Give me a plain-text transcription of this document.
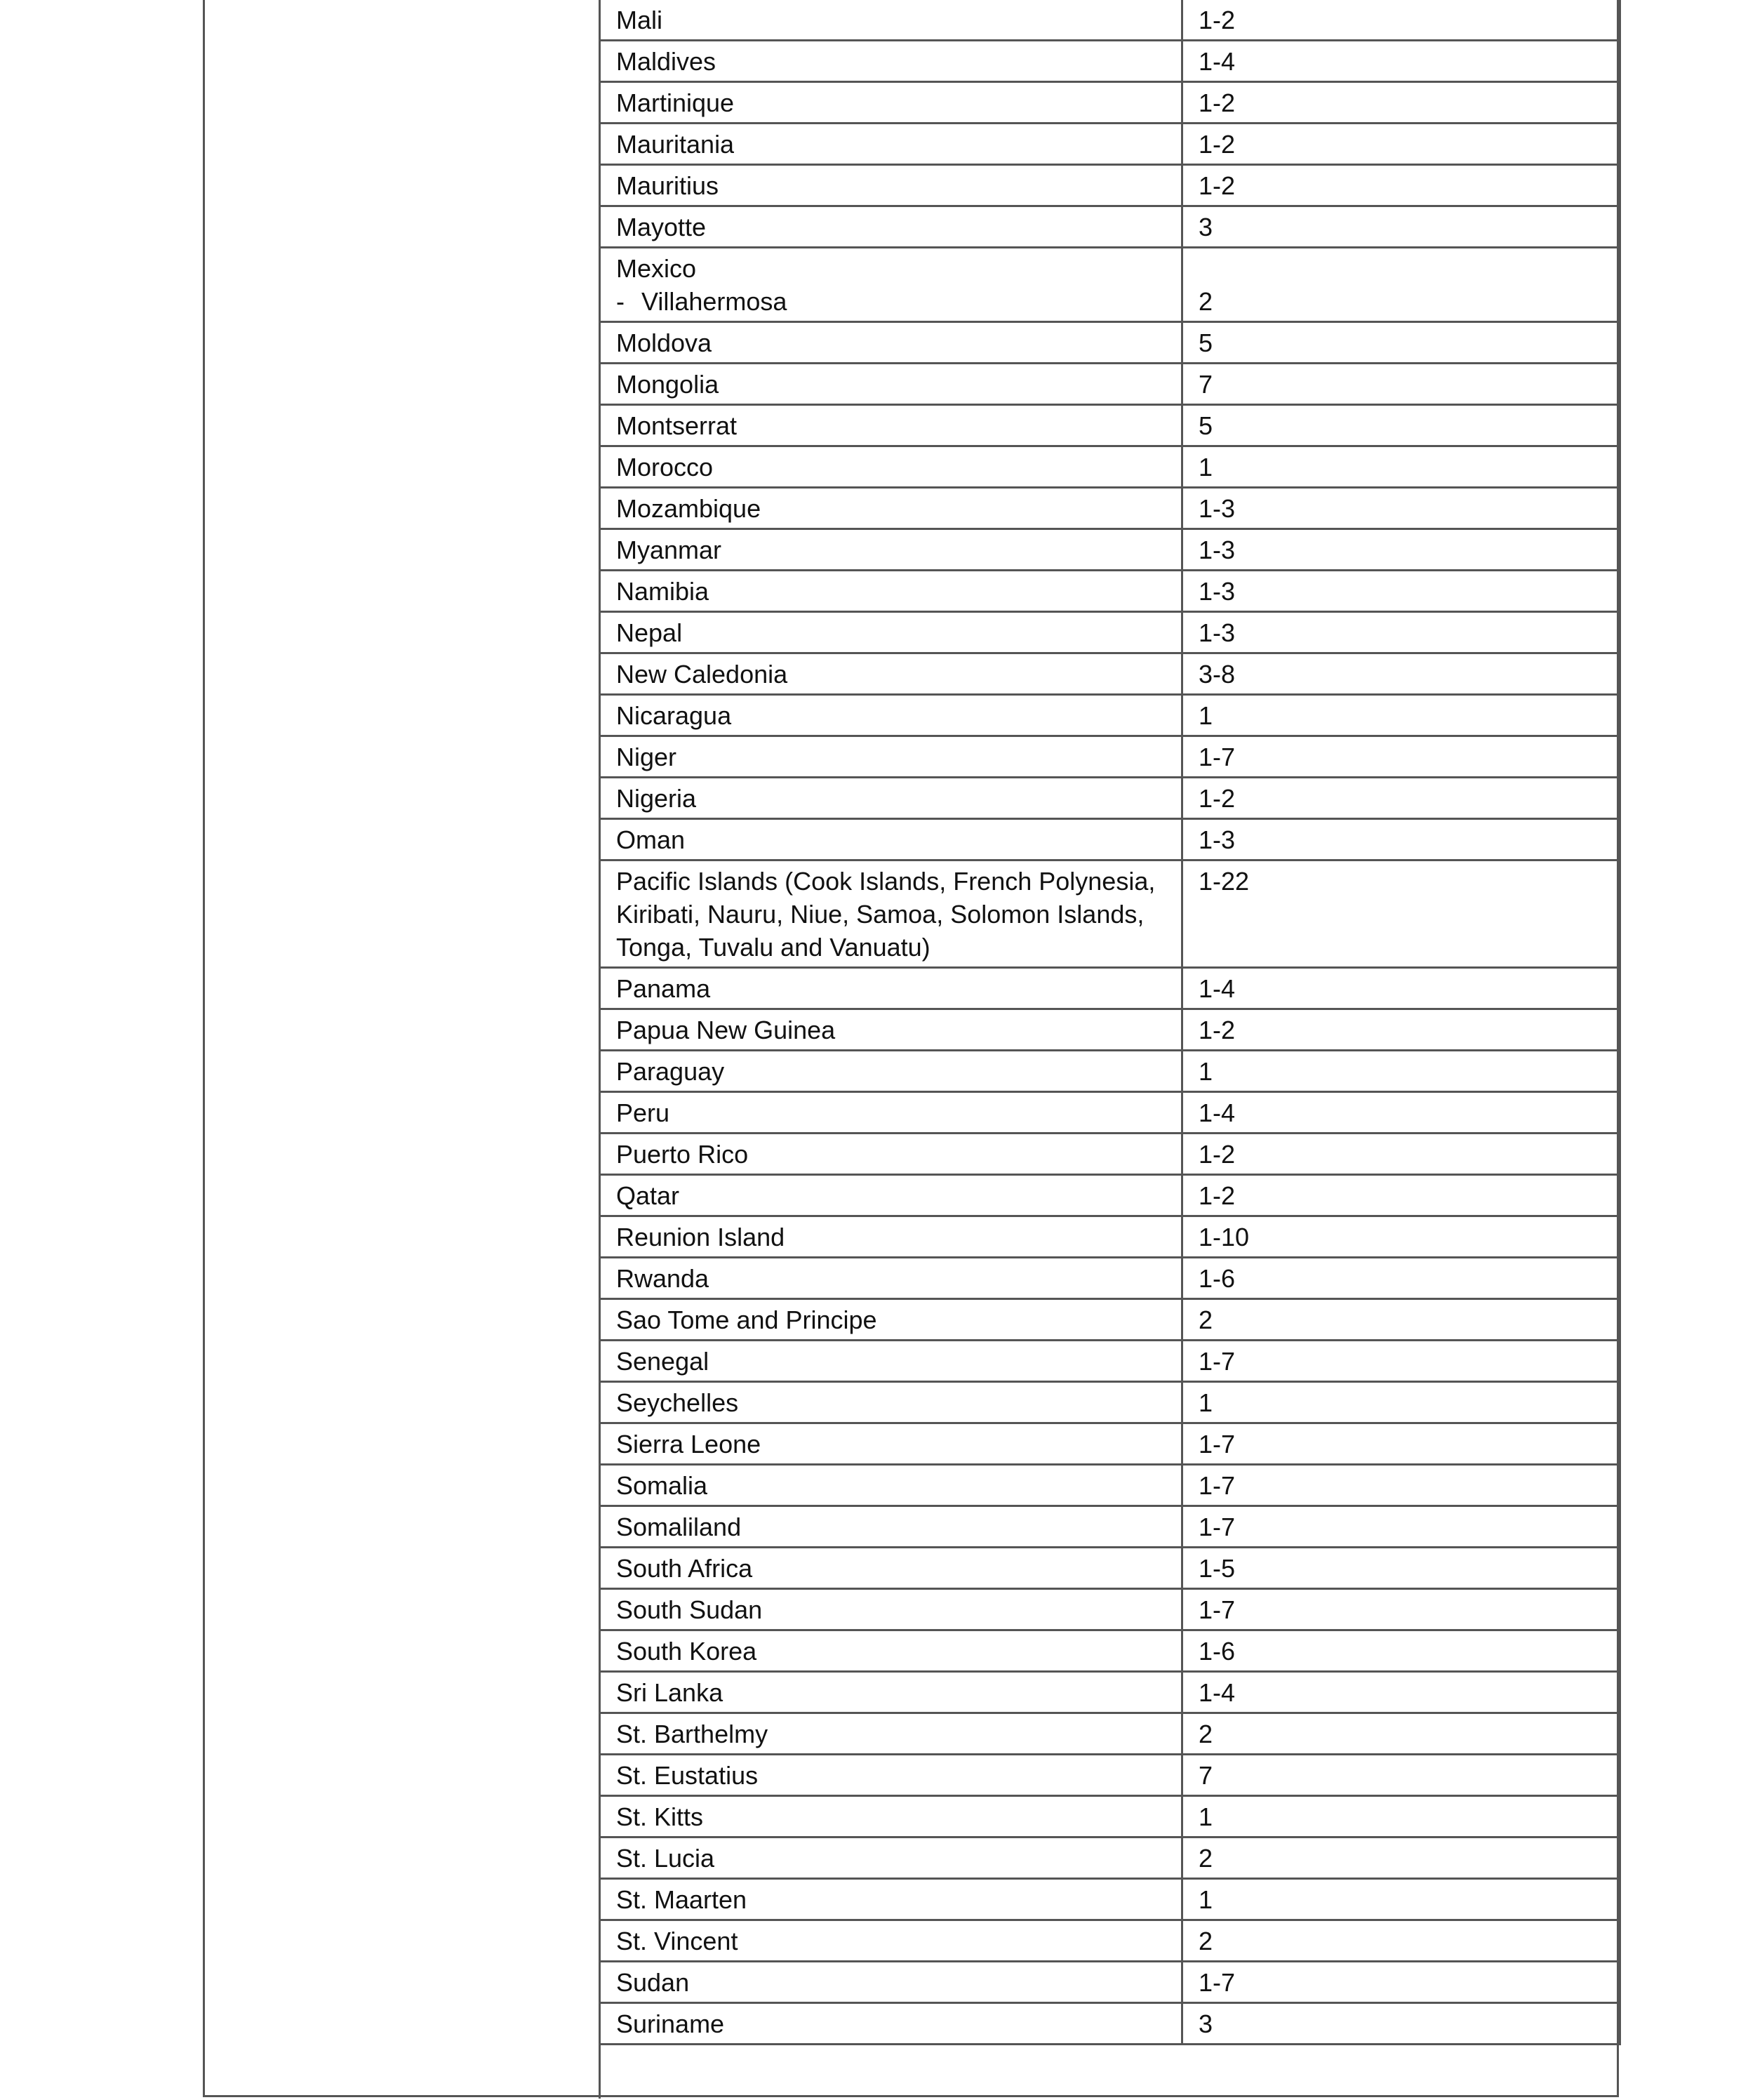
Mali	1-2
Maldives	1-4
Martinique	1-2
Mauritania	1-2
Mauritius	1-2
Mayotte	3
Mexico
- Villahermosa	2
Moldova	5
Mongolia	7
Montserrat	5
Morocco	1
Mozambique	1-3
Myanmar	1-3
Namibia	1-3
Nepal	1-3
New Caledonia	3-8
Nicaragua	1
Niger	1-7
Nigeria	1-2
Oman	1-3
Pacific Islands (Cook Islands, French Polynesia, Kiribati, Nauru, Niue, Samoa, Solomon Islands, Tonga, Tuvalu and Vanuatu)	1-22
Panama	1-4
Papua New Guinea	1-2
Paraguay	1
Peru	1-4
Puerto Rico	1-2
Qatar	1-2
Reunion Island	1-10
Rwanda	1-6
Sao Tome and Principe	2
Senegal	1-7
Seychelles	1
Sierra Leone	1-7
Somalia	1-7
Somaliland	1-7
South Africa	1-5
South Sudan	1-7
South Korea	1-6
Sri Lanka	1-4
St. Barthelmy	2
St. Eustatius	7
St. Kitts	1
St. Lucia	2
St. Maarten	1
St. Vincent	2
Sudan	1-7
Suriname	3
